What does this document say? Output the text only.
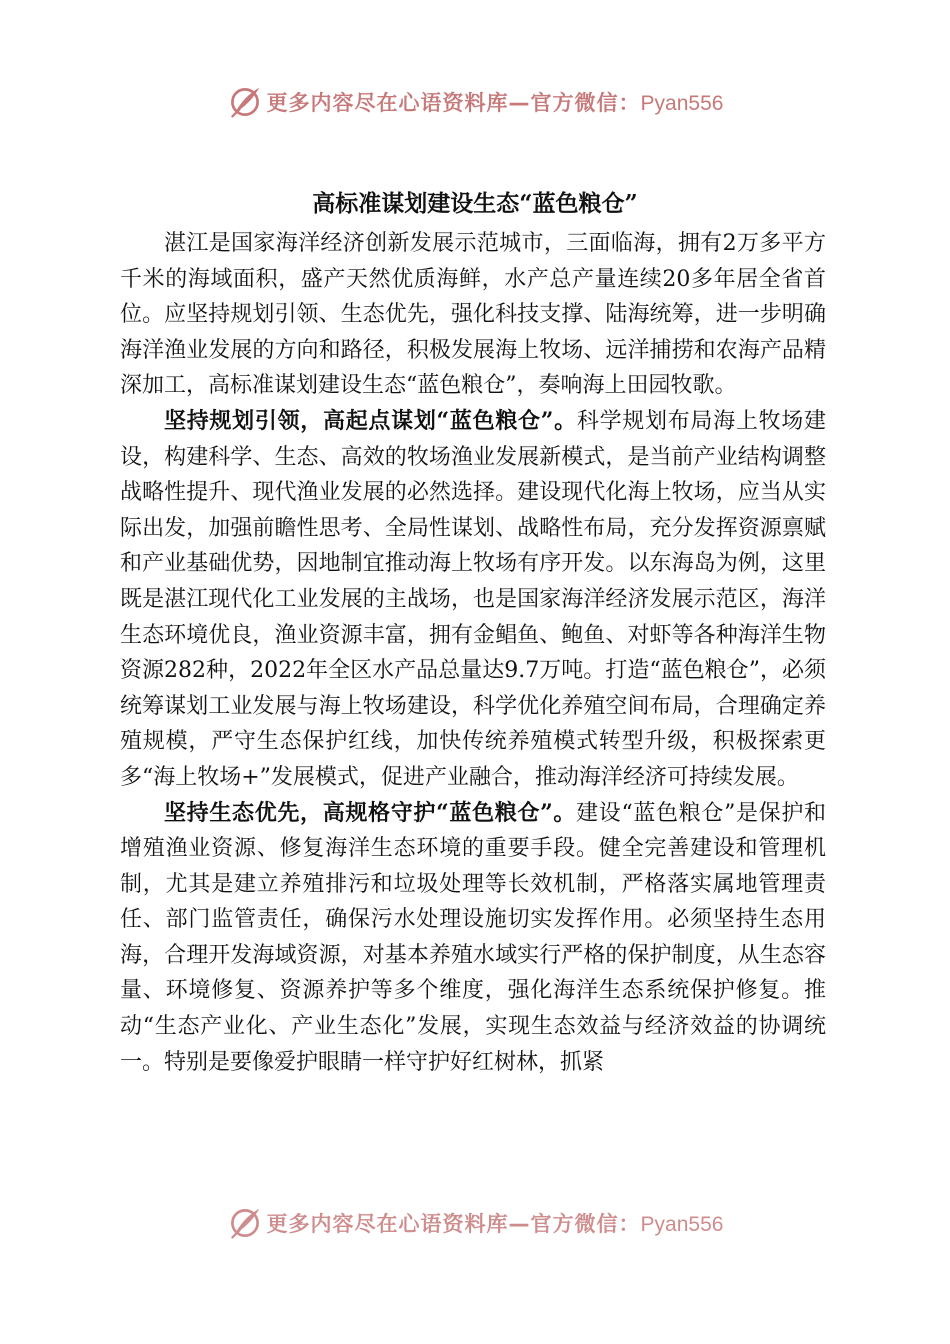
更多内容尽在心语资料库—官方微信：Pyan556
高标准谋划建设生态“蓝色粮仓”

湛江是国家海洋经济创新发展示范城市，三面临海，拥有2万多平方千米的海域面积，盛产天然优质海鲜，水产总产量连续20多年居全省首位。应坚持规划引领、生态优先，强化科技支撑、陆海统筹，进一步明确海洋渔业发展的方向和路径，积极发展海上牧场、远洋捕捞和农海产品精深加工，高标准谋划建设生态“蓝色粮仓”，奏响海上田园牧歌。

坚持规划引领，高起点谋划“蓝色粮仓”。科学规划布局海上牧场建设，构建科学、生态、高效的牧场渔业发展新模式，是当前产业结构调整战略性提升、现代渔业发展的必然选择。建设现代化海上牧场，应当从实际出发，加强前瞻性思考、全局性谋划、战略性布局，充分发挥资源禀赋和产业基础优势，因地制宜推动海上牧场有序开发。以东海岛为例，这里既是湛江现代化工业发展的主战场，也是国家海洋经济发展示范区，海洋生态环境优良，渔业资源丰富，拥有金鲳鱼、鲍鱼、对虾等各种海洋生物资源282种，2022年全区水产品总量达9.7万吨。打造“蓝色粮仓”，必须统筹谋划工业发展与海上牧场建设，科学优化养殖空间布局，合理确定养殖规模，严守生态保护红线，加快传统养殖模式转型升级，积极探索更多“海上牧场+”发展模式，促进产业融合，推动海洋经济可持续发展。

坚持生态优先，高规格守护“蓝色粮仓”。建设“蓝色粮仓”是保护和增殖渔业资源、修复海洋生态环境的重要手段。健全完善建设和管理机制，尤其是建立养殖排污和垃圾处理等长效机制，严格落实属地管理责任、部门监管责任，确保污水处理设施切实发挥作用。必须坚持生态用海，合理开发海域资源，对基本养殖水域实行严格的保护制度，从生态容量、环境修复、资源养护等多个维度，强化海洋生态系统保护修复。推动“生态产业化、产业生态化”发展，实现生态效益与经济效益的协调统一。特别是要像爱护眼睛一样守护好红树林，抓紧

更多内容尽在心语资料库—官方微信：Pyan556
